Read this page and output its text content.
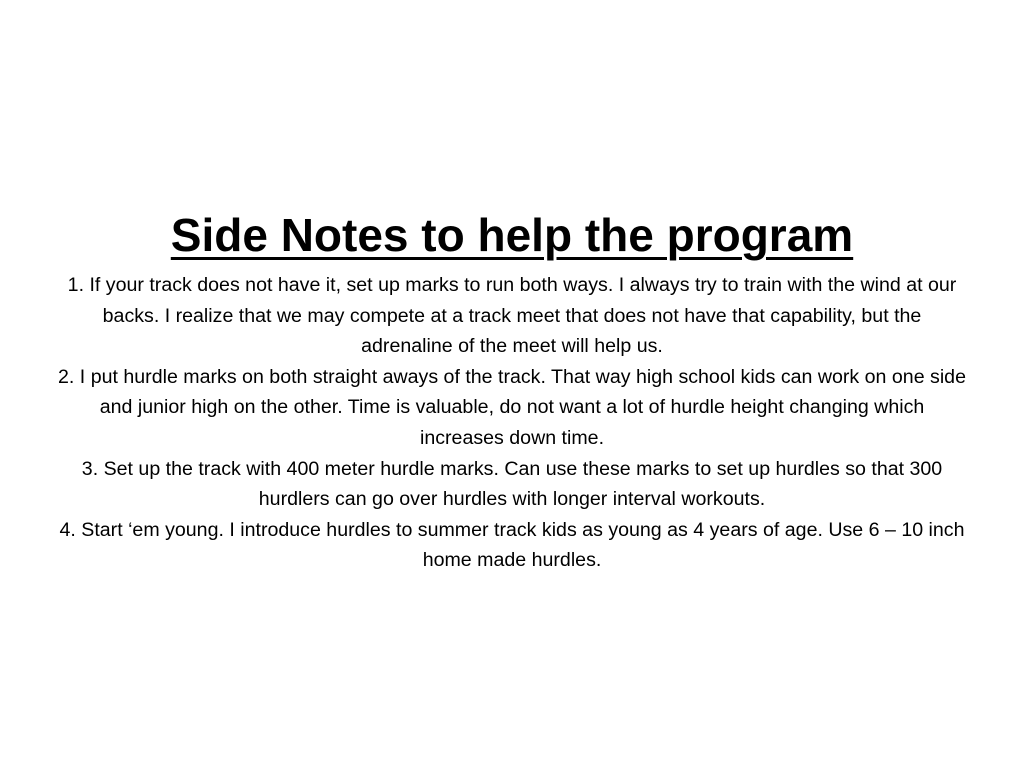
Side Notes to help the program

1. If your track does not have it, set up marks to run both ways. I always try to train with the wind at our backs. I realize that we may compete at a track meet that does not have that capability, but the adrenaline of the meet will help us.

2. I put hurdle marks on both straight aways of the track. That way high school kids can work on one side and junior high on the other. Time is valuable, do not want a lot of hurdle height changing which increases down time.

3. Set up the track with 400 meter hurdle marks. Can use these marks to set up hurdles so that 300 hurdlers can go over hurdles with longer interval workouts.

4. Start ‘em young. I introduce hurdles to summer track kids as young as 4 years of age. Use 6 – 10 inch home made hurdles.
